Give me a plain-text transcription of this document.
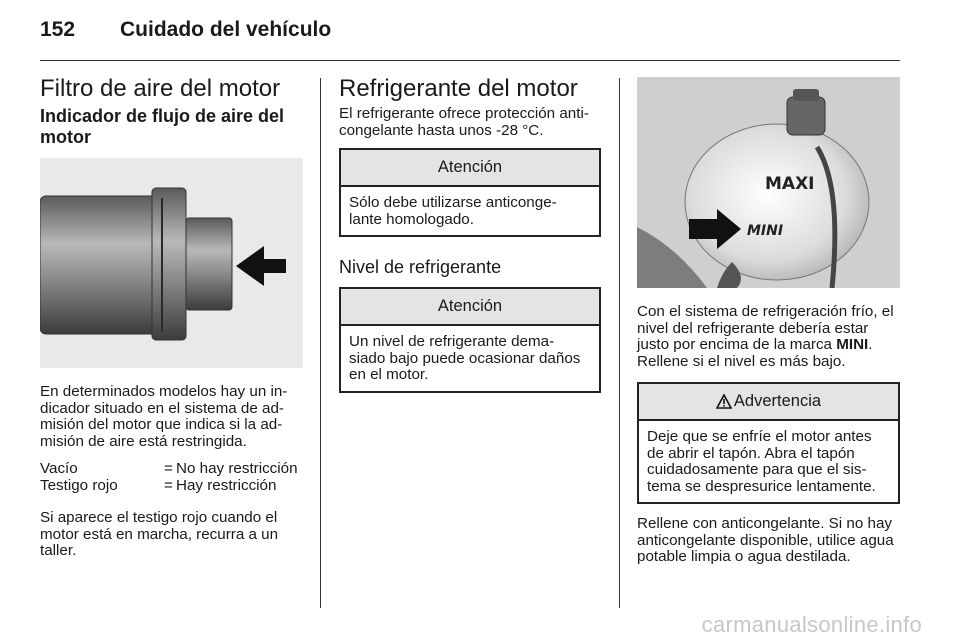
152 Cuidado del vehículo
Filtro de aire del motor
Indicador de flujo de aire del motor

En determinados modelos hay un in- dicador situado en el sistema de ad- misión del motor que indica si la ad- misión de aire está restringida.

Vacío	= No hay restricción
Testigo rojo	= Hay restricción

Si aparece el testigo rojo cuando el motor está en marcha, recurra a un taller.

Refrigerante del motor

El refrigerante ofrece protección anti- congelante hasta unos -28 °C.

Atención
Sólo debe utilizarse anticonge- lante homologado.
Nivel de refrigerante
Atención
Un nivel de refrigerante dema- siado bajo puede ocasionar daños en el motor.
MAXI
MINI

Con el sistema de refrigeración frío, el nivel del refrigerante debería estar justo por encima de la marca MINI. Rellene si el nivel es más bajo.

Advertencia
Deje que se enfríe el motor antes de abrir el tapón. Abra el tapón cuidadosamente para que el sis- tema se despresurice lentamente.

Rellene con anticongelante. Si no hay anticongelante disponible, utilice agua potable limpia o agua destilada.

carmanualsonline.info
